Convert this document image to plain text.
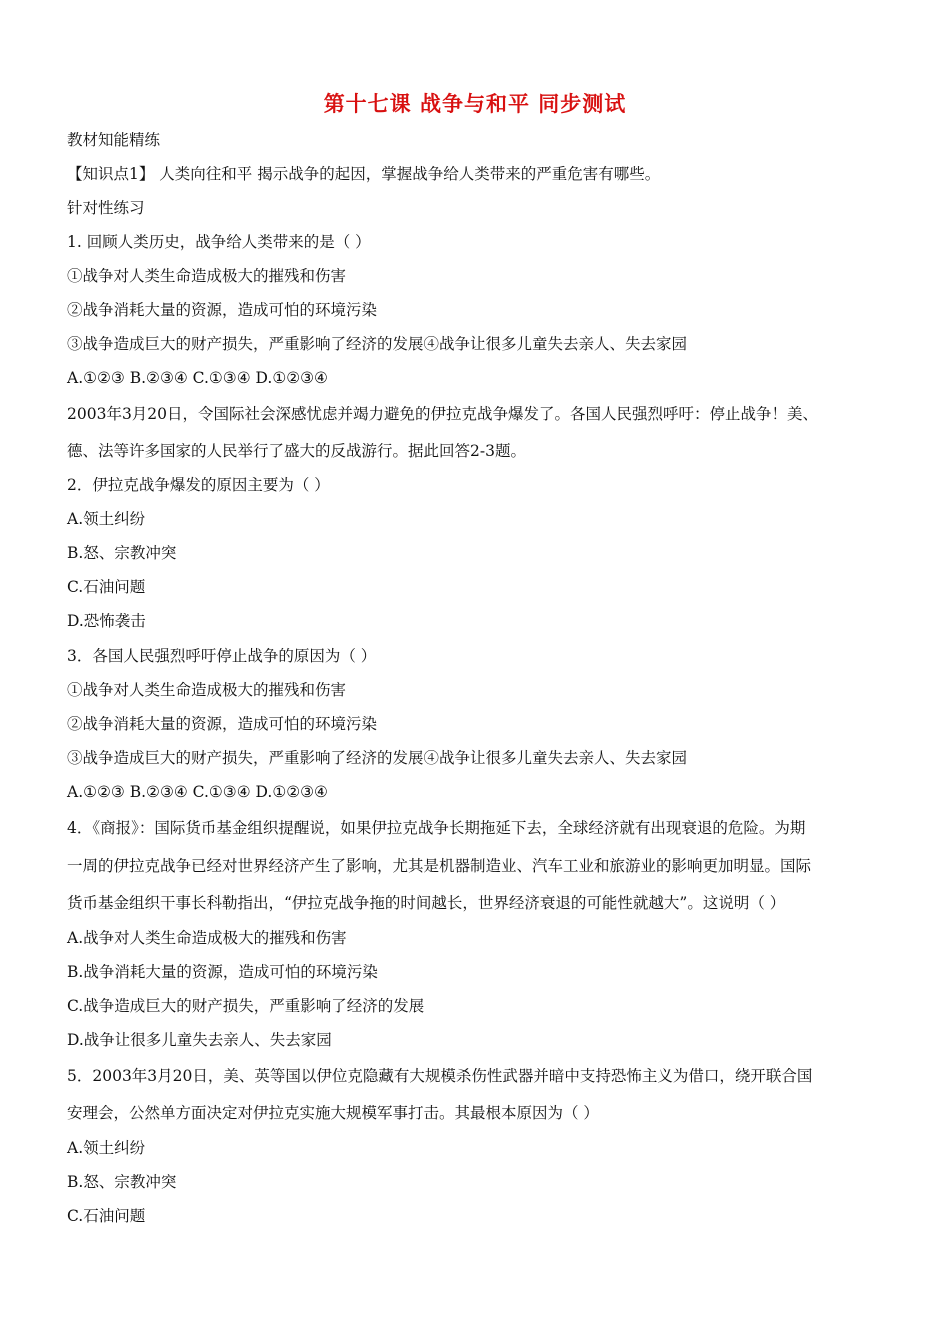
第十七课 战争与和平 同步测试
教材知能精练
【知识点1】 人类向往和平 揭示战争的起因，掌握战争给人类带来的严重危害有哪些。
针对性练习
1. 回顾人类历史，战争给人类带来的是（ ）
①战争对人类生命造成极大的摧残和伤害
②战争消耗大量的资源，造成可怕的环境污染
③战争造成巨大的财产损失，严重影响了经济的发展④战争让很多儿童失去亲人、失去家园
A.①②③ B.②③④ C.①③④ D.①②③④
2003年3月20日，令国际社会深感忧虑并竭力避免的伊拉克战争爆发了。各国人民强烈呼吁：停止战争！美、
德、法等许多国家的人民举行了盛大的反战游行。据此回答2-3题。
2．伊拉克战争爆发的原因主要为（ ）
A.领土纠纷
B.怒、宗教冲突
C.石油问题
D.恐怖袭击
3．各国人民强烈呼吁停止战争的原因为（ ）
①战争对人类生命造成极大的摧残和伤害
②战争消耗大量的资源，造成可怕的环境污染
③战争造成巨大的财产损失，严重影响了经济的发展④战争让很多儿童失去亲人、失去家园
A.①②③ B.②③④ C.①③④ D.①②③④
4．《商报》：国际货币基金组织提醒说，如果伊拉克战争长期拖延下去，全球经济就有出现衰退的危险。为期
一周的伊拉克战争已经对世界经济产生了影响，尤其是机器制造业、汽车工业和旅游业的影响更加明显。国际
货币基金组织干事长科勒指出，“伊拉克战争拖的时间越长，世界经济衰退的可能性就越大”。这说明（ ）
A.战争对人类生命造成极大的摧残和伤害
B.战争消耗大量的资源，造成可怕的环境污染
C.战争造成巨大的财产损失，严重影响了经济的发展
D.战争让很多儿童失去亲人、失去家园
5．2003年3月20日，美、英等国以伊位克隐藏有大规模杀伤性武器并暗中支持恐怖主义为借口，绕开联合国
安理会，公然单方面决定对伊拉克实施大规模军事打击。其最根本原因为（ ）
A.领土纠纷
B.怒、宗教冲突
C.石油问题
